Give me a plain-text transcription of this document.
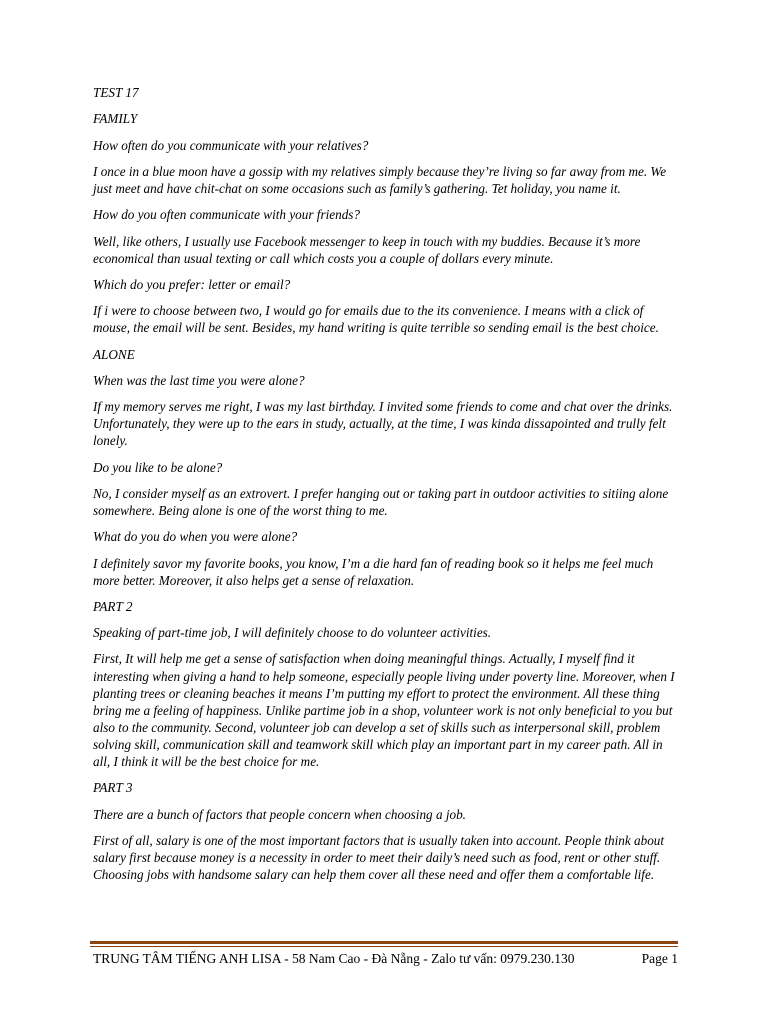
TEST 17

FAMILY

How often do you communicate with your relatives?

I once in a blue moon have a gossip with my relatives simply because they’re living so far away from me. We just meet and have chit-chat on some occasions such as family’s gathering. Tet holiday, you name it.

How do you often communicate with your friends?

Well, like others, I usually use Facebook messenger to keep in touch with my buddies. Because it’s more economical than usual texting or call which costs you a couple of dollars every minute.

Which do you prefer: letter or email?

If i were to choose between two, I would go for emails due to the its convenience. I means with a click of mouse, the email will be sent. Besides, my hand writing is quite terrible so sending email is the best choice.

ALONE

When was the last time you were alone?

If my memory serves me right, I was my last birthday. I invited some friends to come and chat over the drinks. Unfortunately, they were up to the ears in study, actually, at the time, I was kinda dissapointed and trully felt lonely.

Do you like to be alone?

No, I consider myself as an extrovert. I prefer hanging out or taking part in outdoor activities to sitiing alone somewhere. Being alone is one of the worst thing to me.

What do you do when you were alone?

I definitely savor my favorite books, you know, I’m a die hard fan of reading book so it helps me feel much more better. Moreover, it also helps get a sense of relaxation.

PART 2

Speaking of part-time job, I will definitely choose to do volunteer activities.

First, It will help me get a sense of satisfaction when doing meaningful things. Actually, I myself find it interesting when giving a hand to help someone, especially people living under poverty line. Moreover, when I planting trees or cleaning beaches it means I’m putting my effort to protect the environment. All these thing bring me a feeling of happiness. Unlike partime job in a shop, volunteer work is not only beneficial to you but also to the community. Second, volunteer job can develop a set of skills such as interpersonal skill, problem solving skill, communication skill and teamwork skill which play an important part in my career path. All in all, I think it will be the best choice for me.

PART 3

There are a bunch of factors that people concern when choosing a job.

First of all, salary is one of the most important factors that is usually taken into account. People think about salary first because money is a necessity in order to meet their daily’s need such as food, rent or other stuff. Choosing jobs with handsome salary can help them cover all these need and offer them a comfortable life.

TRUNG TÂM TIẾNG ANH LISA - 58 Nam Cao - Đà Nẵng - Zalo tư vấn: 0979.230.130	Page 1
